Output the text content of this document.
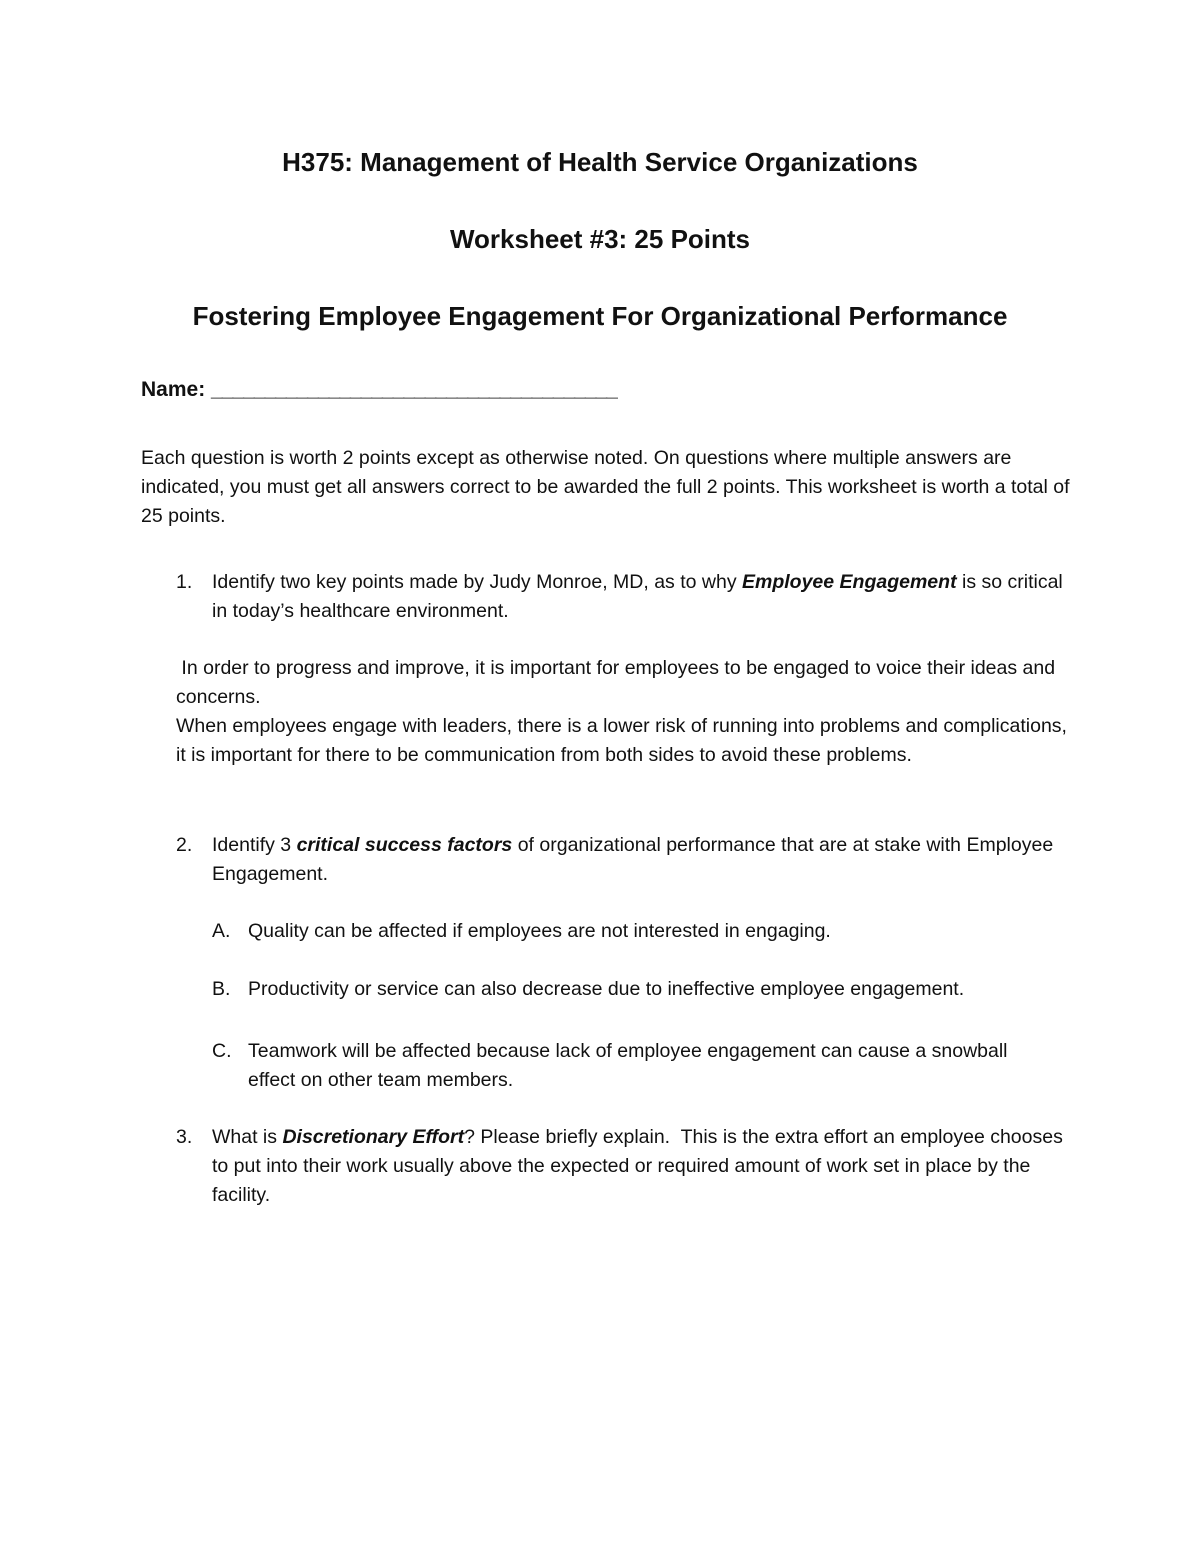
H375: Management of Health Service Organizations
Worksheet #3: 25 Points
Fostering Employee Engagement For Organizational Performance
Name: ______________________________________

Each question is worth 2 points except as otherwise noted. On questions where multiple answers are indicated, you must get all answers correct to be awarded the full 2 points. This worksheet is worth a total of 25 points.

1. Identify two key points made by Judy Monroe, MD, as to why Employee Engagement is so critical in today’s healthcare environment.
In order to progress and improve, it is important for employees to be engaged to voice their ideas and concerns.
When employees engage with leaders, there is a lower risk of running into problems and complications, it is important for there to be communication from both sides to avoid these problems.
2. Identify 3 critical success factors of organizational performance that are at stake with Employee Engagement.
A. Quality can be affected if employees are not interested in engaging.
B. Productivity or service can also decrease due to ineffective employee engagement.
C. Teamwork will be affected because lack of employee engagement can cause a snowball effect on other team members.
3. What is Discretionary Effort? Please briefly explain.  This is the extra effort an employee chooses to put into their work usually above the expected or required amount of work set in place by the facility.
